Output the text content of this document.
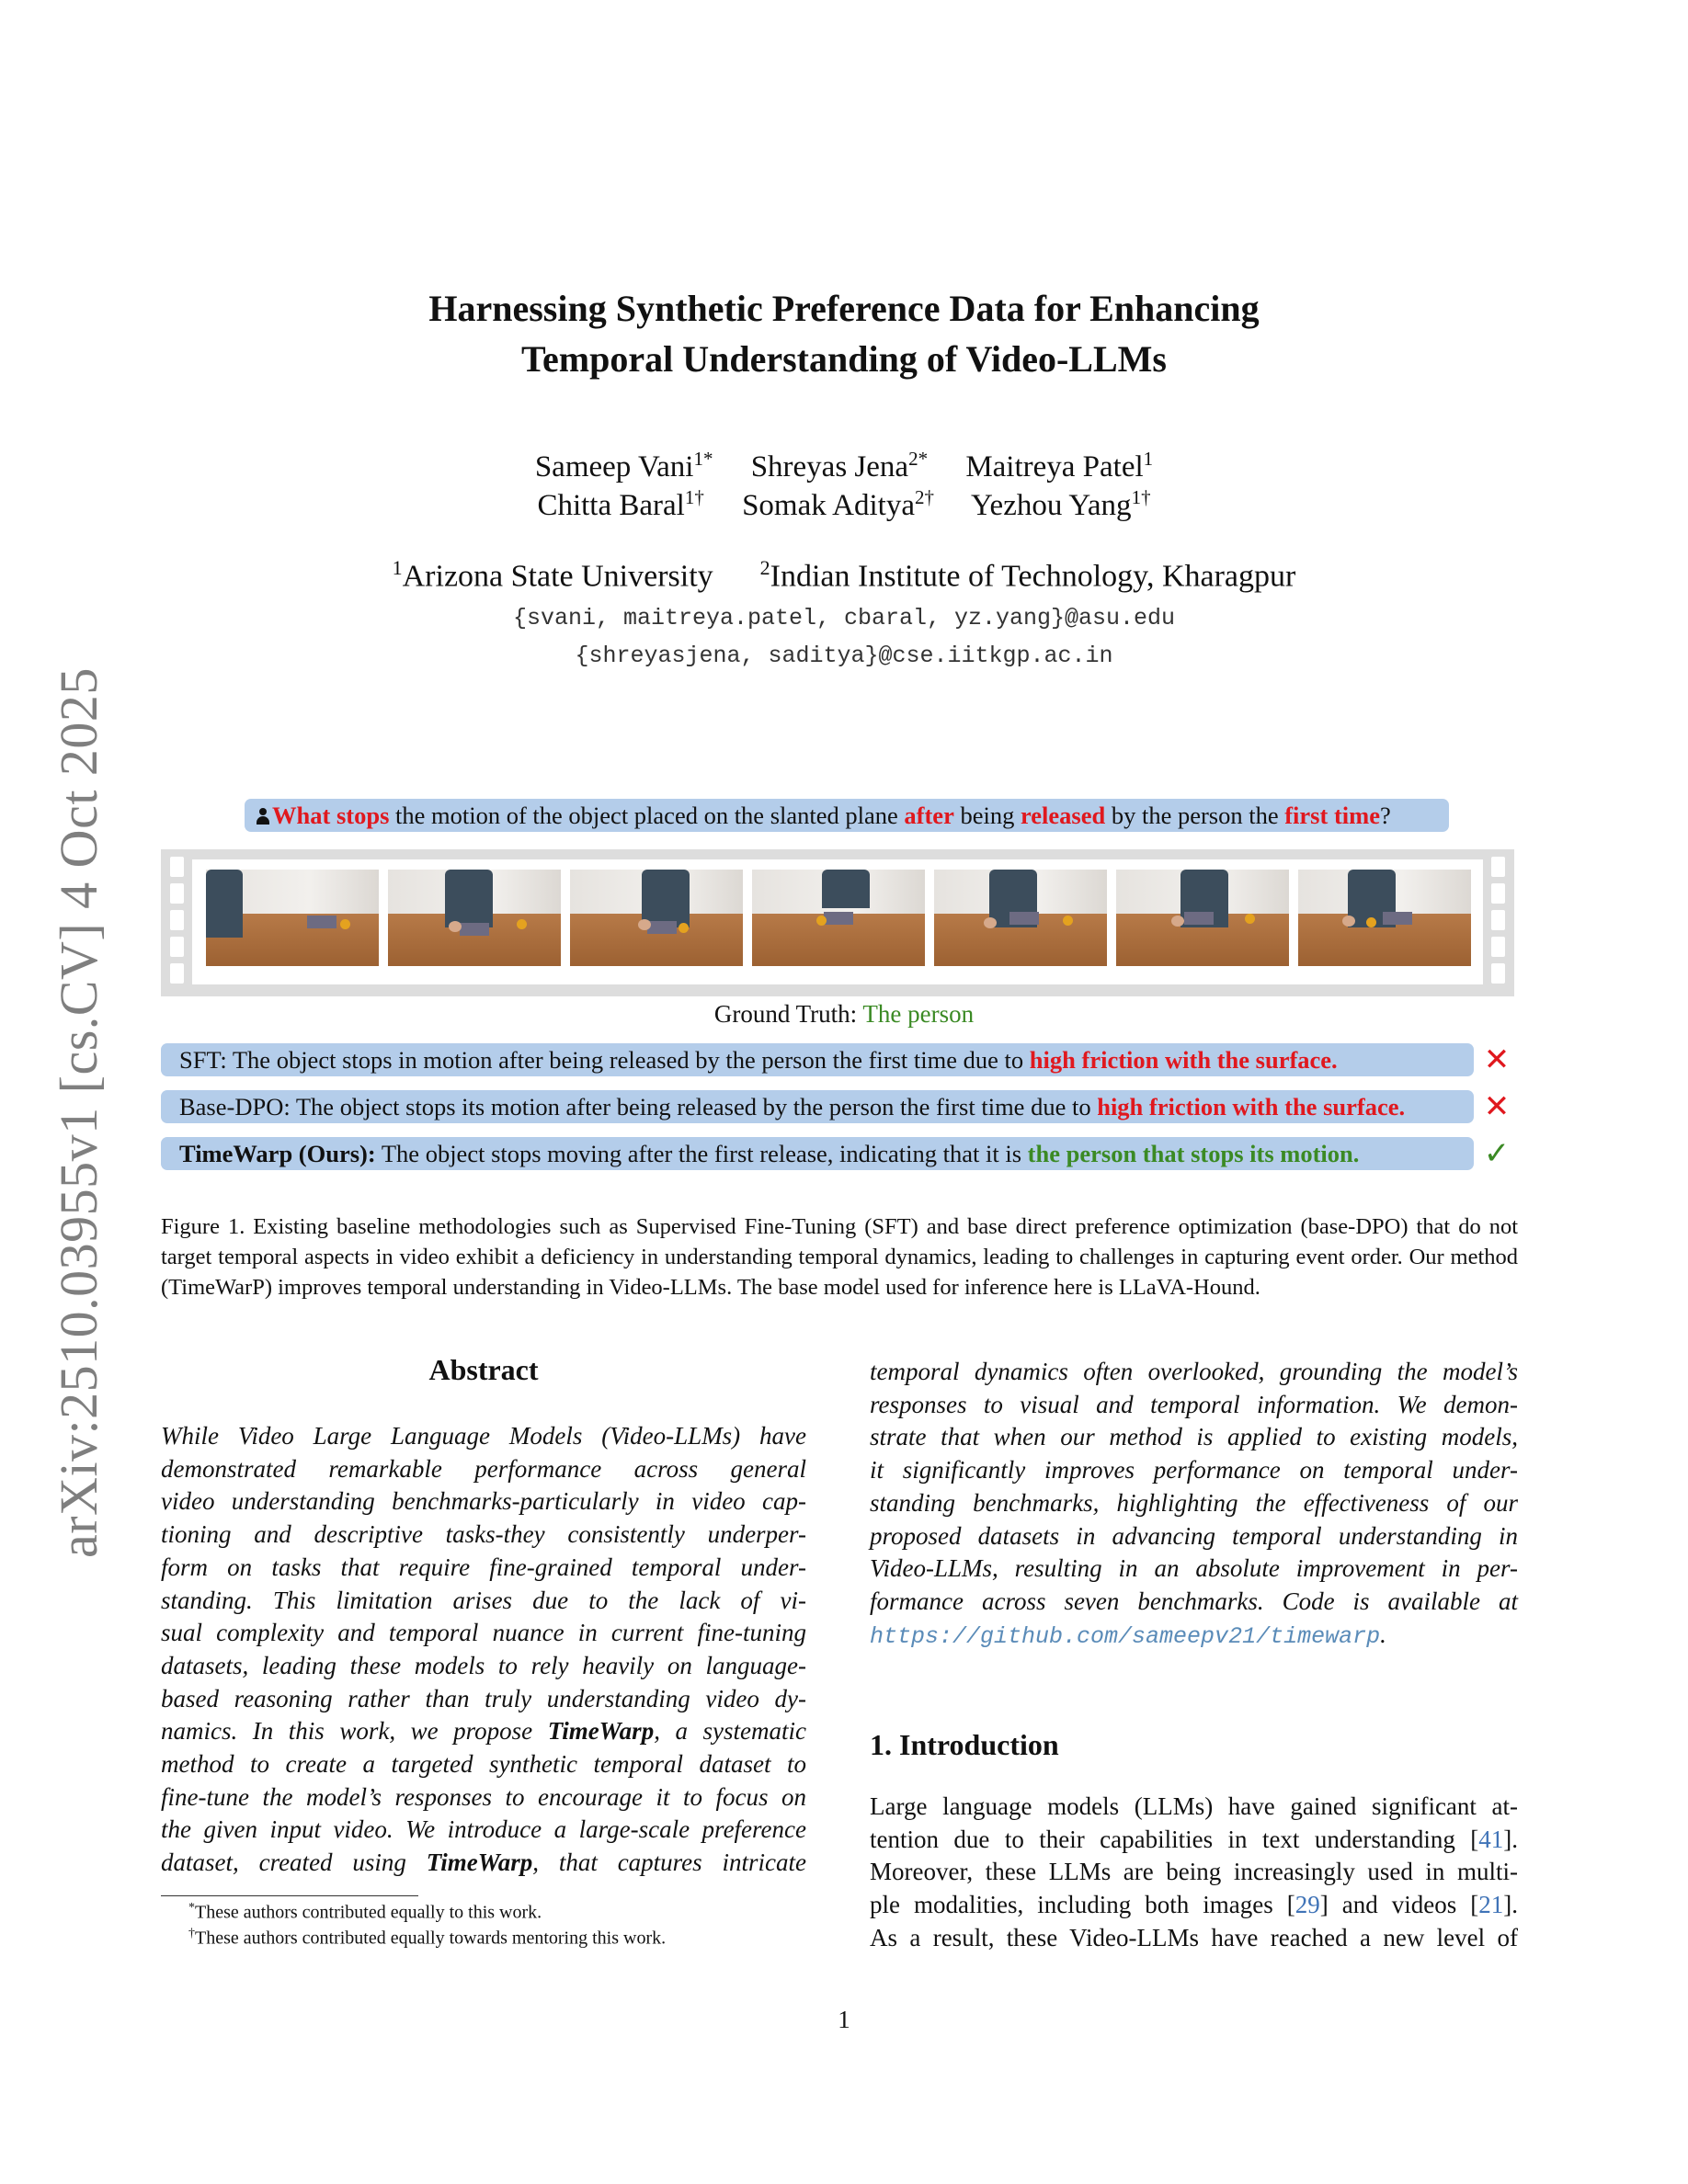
arXiv:2510.03955v1 [cs.CV] 4 Oct 2025
Harnessing Synthetic Preference Data for Enhancing
Temporal Understanding of Video-LLMs
Sameep Vani$^{1*}$ Shreyas Jena$^{2*}$ Maitreya Patel$^1$
Chitta Baral$^{1\dagger}$ Somak Aditya$^{2\dagger}$ Yezhou Yang$^{1\dagger}$
$^1$Arizona State University $^2$Indian Institute of Technology, Kharagpur
{svani, maitreya.patel, cbaral, yz.yang}@asu.edu
{shreyasjena, saditya}@cse.iitkgp.ac.in
What stops the motion of the object placed on the slanted plane after being released by the person the first time?
Ground Truth: The person
SFT: The object stops in motion after being released by the person the first time due to high friction with the surface.	✕
Base-DPO: The object stops its motion after being released by the person the first time due to high friction with the surface.	✕
TimeWarp (Ours): The object stops moving after the first release, indicating that it is the person that stops its motion.	✓
Figure 1. Existing baseline methodologies such as Supervised Fine-Tuning (SFT) and base direct preference optimization (base-DPO) that do not target temporal aspects in video exhibit a deficiency in understanding temporal dynamics, leading to challenges in capturing event order. Our method (TimeWarP) improves temporal understanding in Video-LLMs. The base model used for inference here is LLaVA-Hound.
Abstract
While Video Large Language Models (Video-LLMs) have
demonstrated remarkable performance across general
video understanding benchmarks-particularly in video cap-
tioning and descriptive tasks-they consistently underper-
form on tasks that require fine-grained temporal under-
standing. This limitation arises due to the lack of vi-
sual complexity and temporal nuance in current fine-tuning
datasets, leading these models to rely heavily on language-
based reasoning rather than truly understanding video dy-
namics. In this work, we propose TimeWarp, a systematic
method to create a targeted synthetic temporal dataset to
fine-tune the model’s responses to encourage it to focus on
the given input video. We introduce a large-scale preference
dataset, created using TimeWarp, that captures intricate
*These authors contributed equally to this work.
†These authors contributed equally towards mentoring this work.
temporal dynamics often overlooked, grounding the model’s
responses to visual and temporal information. We demon-
strate that when our method is applied to existing models,
it significantly improves performance on temporal under-
standing benchmarks, highlighting the effectiveness of our
proposed datasets in advancing temporal understanding in
Video-LLMs, resulting in an absolute improvement in per-
formance across seven benchmarks. Code is available at
https://github.com/sameepv21/timewarp.
1. Introduction
Large language models (LLMs) have gained significant at-
tention due to their capabilities in text understanding [41].
Moreover, these LLMs are being increasingly used in multi-
ple modalities, including both images [29] and videos [21].
As a result, these Video-LLMs have reached a new level of
1
